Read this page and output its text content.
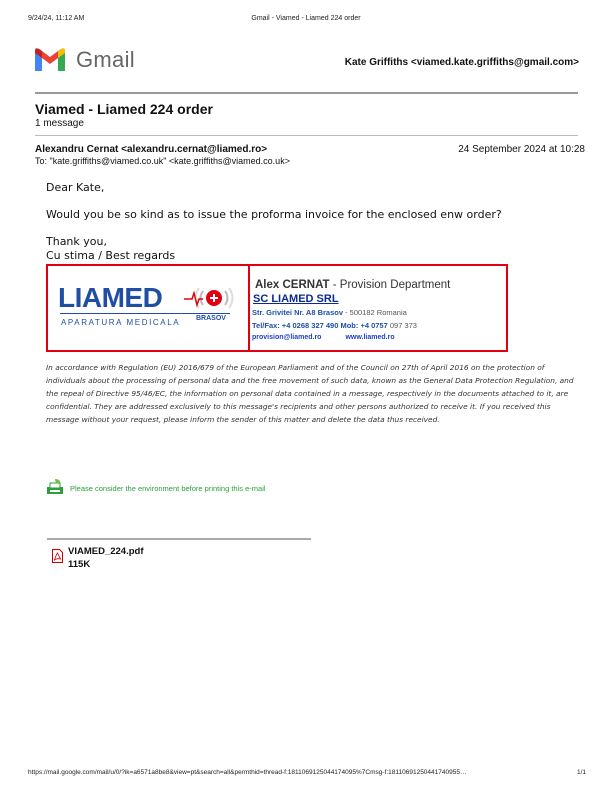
9/24/24, 11:12 AM	Gmail - Viamed - Liamed 224 order
Gmail	Kate Griffiths <viamed.kate.griffiths@gmail.com>
Viamed - Liamed 224 order
1 message
Alexandru Cernat <alexandru.cernat@liamed.ro>	24 September 2024 at 10:28
To: "kate.griffiths@viamed.co.uk" <kate.griffiths@viamed.co.uk>
Dear Kate,
Would you be so kind as to issue the proforma invoice for the enclosed enw order?
Thank you,
Cu stima / Best regards
LIAMED
APARATURA MEDICALA BRASOV
Alex CERNAT - Provision Department
SC LIAMED SRL
Str. Grivitei Nr. A8 Brasov - 500182 Romania
Tel/Fax: +4 0268 327 490 Mob: +4 0757 097 373
provision@liamed.ro	www.liamed.ro

In accordance with Regulation (EU) 2016/679 of the European Parliament and of the Council on 27th of April 2016 on the protection of individuals about the processing of personal data and the free movement of such data, known as the General Data Protection Regulation, and the repeal of Directive 95/46/EC, the information on personal data contained in a message, respectively in the documents attached to it, are confidential. They are addressed exclusively to this message's recipients and other persons authorized to receive it. If you received this message without your request, please inform the sender of this matter and delete the data thus received.

Please consider the environment before printing this e-mail
VIAMED_224.pdf
115K
https://mail.google.com/mail/u/0/?ik=a6571a8be8&view=pt&search=all&permthid=thread-f:1811069125044174095%7Cmsg-f:18110691250441740955…	1/1
